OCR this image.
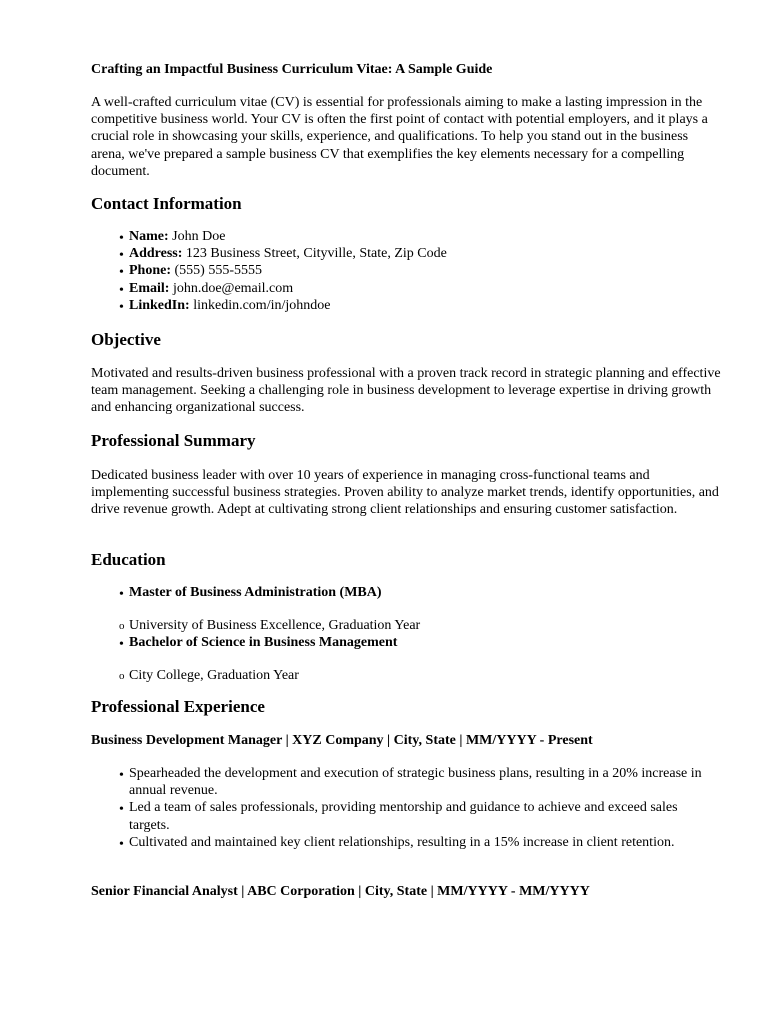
Crafting an Impactful Business Curriculum Vitae: A Sample Guide

A well-crafted curriculum vitae (CV) is essential for professionals aiming to make a lasting impression in the competitive business world. Your CV is often the first point of contact with potential employers, and it plays a crucial role in showcasing your skills, experience, and qualifications. To help you stand out in the business arena, we've prepared a sample business CV that exemplifies the key elements necessary for a compelling document.

Contact Information
• Name: John Doe
• Address: 123 Business Street, Cityville, State, Zip Code
• Phone: (555) 555-5555
• Email: john.doe@email.com
• LinkedIn: linkedin.com/in/johndoe
Objective

Motivated and results-driven business professional with a proven track record in strategic planning and effective team management. Seeking a challenging role in business development to leverage expertise in driving growth and enhancing organizational success.

Professional Summary

Dedicated business leader with over 10 years of experience in managing cross-functional teams and implementing successful business strategies. Proven ability to analyze market trends, identify opportunities, and drive revenue growth. Adept at cultivating strong client relationships and ensuring customer satisfaction.

Education
• Master of Business Administration (MBA)
o University of Business Excellence, Graduation Year
• Bachelor of Science in Business Management
o City College, Graduation Year
Professional Experience
Business Development Manager | XYZ Company | City, State | MM/YYYY - Present
• Spearheaded the development and execution of strategic business plans, resulting in a 20% increase in annual revenue.
• Led a team of sales professionals, providing mentorship and guidance to achieve and exceed sales targets.
• Cultivated and maintained key client relationships, resulting in a 15% increase in client retention.
Senior Financial Analyst | ABC Corporation | City, State | MM/YYYY - MM/YYYY
